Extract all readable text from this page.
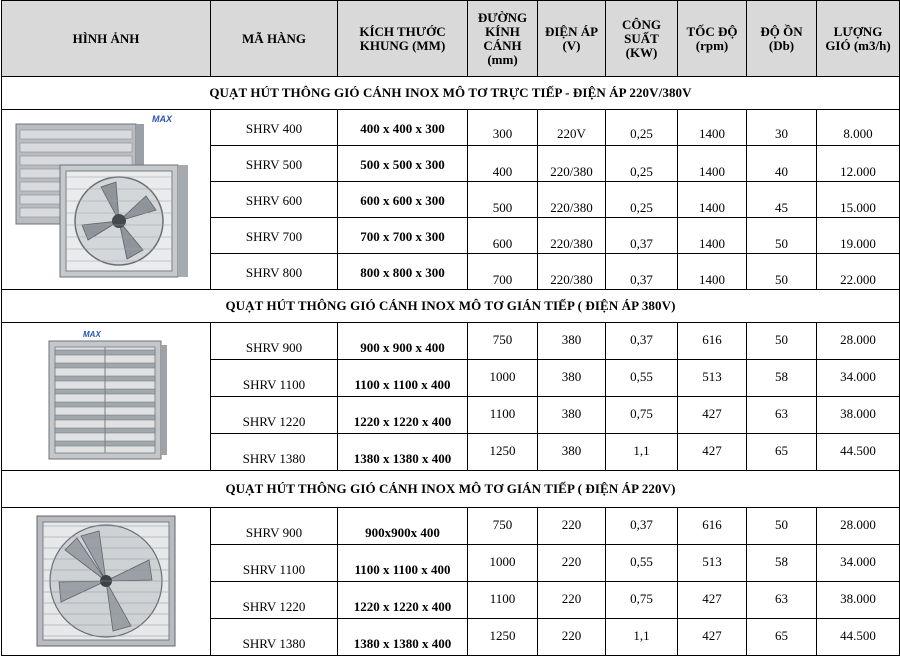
HÌNH ẢNH	MÃ HÀNG	KÍCH THƯỚC KHUNG (MM)	ĐƯỜNG KÍNH CÁNH (mm)	ĐIỆN ÁP (V)	CÔNG SUẤT (KW)	TỐC ĐỘ (rpm)	ĐỘ ỒN (Db)	LƯỢNG GIÓ (m3/h)
QUẠT HÚT THÔNG GIÓ CÁNH INOX MÔ TƠ TRỰC TIẾP - ĐIỆN ÁP 220V/380V								

MAX	SHRV 400	400 x 400 x 300	300	220V	0,25	1400	30	8.000
	SHRV 500	500 x 500 x 300	400	220/380	0,25	1400	40	12.000
	SHRV 600	600 x 600 x 300	500	220/380	0,25	1400	45	15.000
	SHRV 700	700 x 700 x 300	600	220/380	0,37	1400	50	19.000
	SHRV 800	800 x 800 x 300	700	220/380	0,37	1400	50	22.000
QUẠT HÚT THÔNG GIÓ CÁNH INOX MÔ TƠ GIÁN TIẾP ( ĐIỆN ÁP 380V)								

MAX	SHRV 900	900 x 900 x 400	750	380	0,37	616	50	28.000
	SHRV 1100	1100 x 1100 x 400	1000	380	0,55	513	58	34.000
	SHRV 1220	1220 x 1220 x 400	1100	380	0,75	427	63	38.000
	SHRV 1380	1380 x 1380 x 400	1250	380	1,1	427	65	44.500
QUẠT HÚT THÔNG GIÓ CÁNH INOX MÔ TƠ GIÁN TIẾP ( ĐIỆN ÁP 220V)								
	SHRV 900	900x900x 400	750	220	0,37	616	50	28.000
	SHRV 1100	1100 x 1100 x 400	1000	220	0,55	513	58	34.000
	SHRV 1220	1220 x 1220 x 400	1100	220	0,75	427	63	38.000
	SHRV 1380	1380 x 1380 x 400	1250	220	1,1	427	65	44.500
